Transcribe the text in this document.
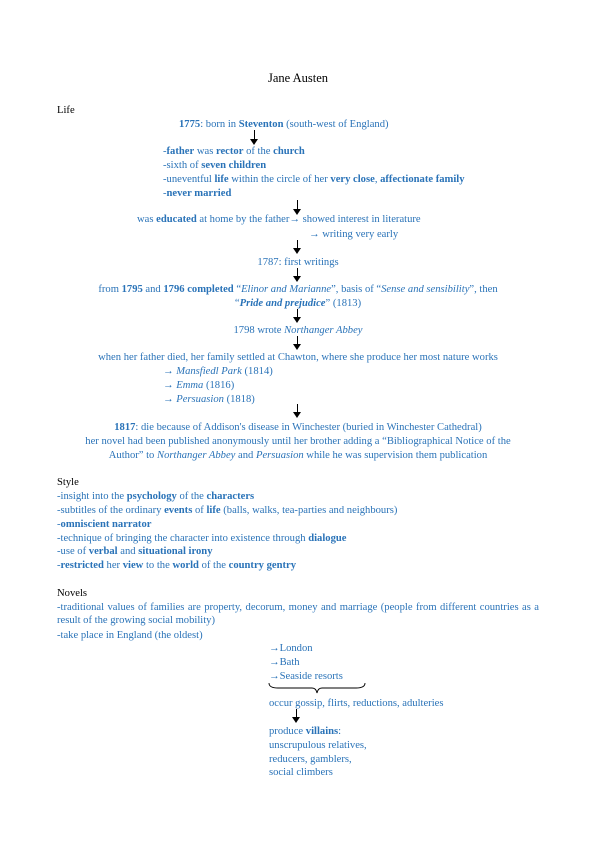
Jane Austen
Life
1775: born in Steventon (south-west of England)
-father was rector of the church
-sixth of seven children
-uneventful life within the circle of her very close, affectionate family
-never married
was educated at home by the father→ showed interest in literature
→ writing very early
1787: first writings
from 1795 and 1796 completed “Elinor and Marianne”, basis of “Sense and sensibility”, then
“Pride and prejudice” (1813)
1798 wrote Northanger Abbey
when her father died, her family settled at Chawton, where she produce her most nature works
→ Mansfiedl Park (1814)
→ Emma (1816)
→ Persuasion (1818)
1817: die because of Addison's disease in Winchester (buried in Winchester Cathedral)
her novel had been published anonymously until her brother adding a “Bibliographical Notice of the
Author” to Northanger Abbey and Persuasion while he was supervision them publication
Style
-insight into the psychology of the characters
-subtitles of the ordinary events of life (balls, walks, tea-parties and neighbours)
-omniscient narrator
-technique of bringing the character into existence through dialogue
-use of verbal and situational irony
-restricted her view to the world of the country gentry
Novels
-traditional values of families are property, decorum, money and marriage (people from different countries as a result of the growing social mobility)
-take place in England (the oldest)
→London
→Bath
→Seaside resorts
occur gossip, flirts, reductions, adulteries
produce villains:
unscrupulous relatives,
reducers, gamblers,
social climbers
